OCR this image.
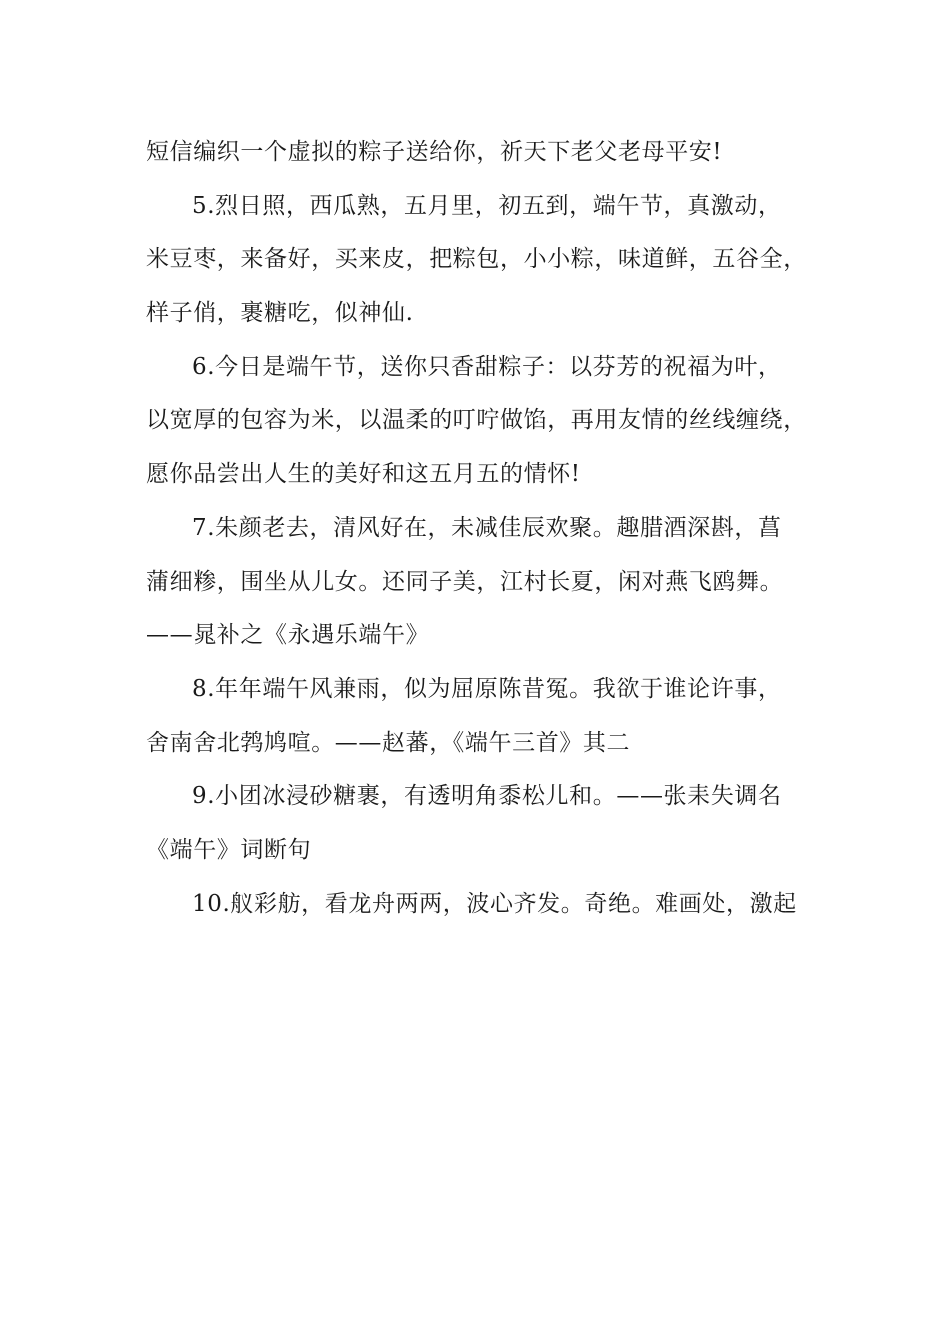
短信编织一个虚拟的粽子送给你，祈天下老父老母平安!
5.烈日照，西瓜熟，五月里，初五到，端午节，真激动，
米豆枣，来备好，买来皮，把粽包，小小粽，味道鲜，五谷全，
样子俏，裹糖吃，似神仙.
6.今日是端午节，送你只香甜粽子：以芬芳的祝福为叶，
以宽厚的包容为米，以温柔的叮咛做馅，再用友情的丝线缠绕，
愿你品尝出人生的美好和这五月五的情怀!
7.朱颜老去，清风好在，未减佳辰欢聚。趣腊酒深斟，菖
蒲细糁，围坐从儿女。还同子美，江村长夏，闲对燕飞鸥舞。
——晁补之《永遇乐端午》
8.年年端午风兼雨，似为屈原陈昔冤。我欲于谁论许事，
舍南舍北鹁鸠喧。——赵蕃，《端午三首》其二
9.小团冰浸砂糖裹，有透明角黍松儿和。——张耒失调名
《端午》词断句
10.舣彩舫，看龙舟两两，波心齐发。奇绝。难画处，激起
